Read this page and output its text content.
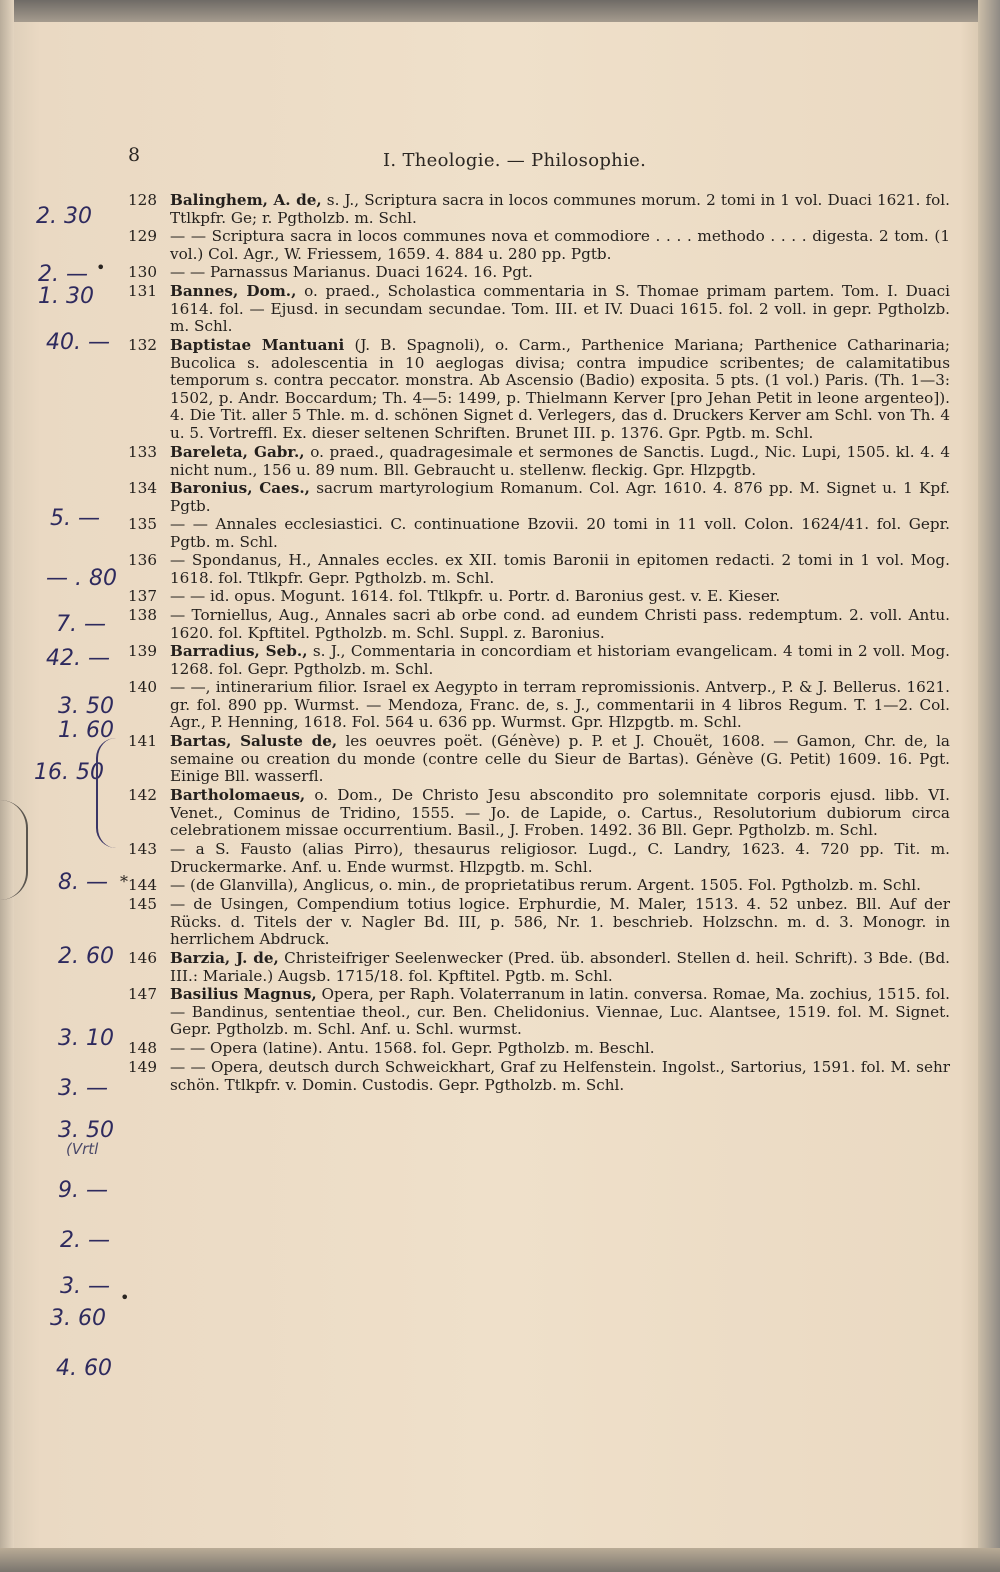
8	I. Theologie. — Philosophie.
128 Balinghem, A. de, s. J., Scriptura sacra in locos communes morum. 2 tomi in 1 vol. Duaci 1621. fol. Ttlkpfr. Ge; r. Pgtholzb. m. Schl.
129 — — Scriptura sacra in locos communes nova et commodiore . . . . methodo . . . . digesta. 2 tom. (1 vol.) Col. Agr., W. Friessem, 1659. 4. 884 u. 280 pp. Pgtb.
130 — — Parnassus Marianus. Duaci 1624. 16. Pgt.
131 Bannes, Dom., o. praed., Scholastica commentaria in S. Thomae primam partem. Tom. I. Duaci 1614. fol. — Ejusd. in secundam secundae. Tom. III. et IV. Duaci 1615. fol. 2 voll. in gepr. Pgtholzb. m. Schl.
132 Baptistae Mantuani (J. B. Spagnoli), o. Carm., Parthenice Mariana; Parthenice Catharinaria; Bucolica s. adolescentia in 10 aeglogas divisa; contra impudice scribentes; de calamitatibus temporum s. contra peccator. monstra. Ab Ascensio (Badio) exposita. 5 pts. (1 vol.) Paris. (Th. 1—3: 1502, p. Andr. Boccardum; Th. 4—5: 1499, p. Thielmann Kerver [pro Jehan Petit in leone argenteo]). 4. Die Tit. aller 5 Thle. m. d. schönen Signet d. Verlegers, das d. Druckers Kerver am Schl. von Th. 4 u. 5. Vortreffl. Ex. dieser seltenen Schriften. Brunet III. p. 1376. Gpr. Pgtb. m. Schl.
133 Bareleta, Gabr., o. praed., quadragesimale et sermones de Sanctis. Lugd., Nic. Lupi, 1505. kl. 4. 4 nicht num., 156 u. 89 num. Bll. Gebraucht u. stellenw. fleckig. Gpr. Hlzpgtb.
134 Baronius, Caes., sacrum martyrologium Romanum. Col. Agr. 1610. 4. 876 pp. M. Signet u. 1 Kpf. Pgtb.
135 — — Annales ecclesiastici. C. continuatione Bzovii. 20 tomi in 11 voll. Colon. 1624/41. fol. Gepr. Pgtb. m. Schl.
136 — Spondanus, H., Annales eccles. ex XII. tomis Baronii in epitomen redacti. 2 tomi in 1 vol. Mog. 1618. fol. Ttlkpfr. Gepr. Pgtholzb. m. Schl.
137 — — id. opus. Mogunt. 1614. fol. Ttlkpfr. u. Portr. d. Baronius gest. v. E. Kieser.
138 — Torniellus, Aug., Annales sacri ab orbe cond. ad eundem Christi pass. redemptum. 2. voll. Antu. 1620. fol. Kpftitel. Pgtholzb. m. Schl. Suppl. z. Baronius.
139 Barradius, Seb., s. J., Commentaria in concordiam et historiam evangelicam. 4 tomi in 2 voll. Mog. 1268. fol. Gepr. Pgtholzb. m. Schl.
140 — —, intinerarium filior. Israel ex Aegypto in terram repromissionis. Antverp., P. & J. Bellerus. 1621. gr. fol. 890 pp. Wurmst. — Mendoza, Franc. de, s. J., commentarii in 4 libros Regum. T. 1—2. Col. Agr., P. Henning, 1618. Fol. 564 u. 636 pp. Wurmst. Gpr. Hlzpgtb. m. Schl.
141 Bartas, Saluste de, les oeuvres poët. (Génève) p. P. et J. Chouët, 1608. — Gamon, Chr. de, la semaine ou creation du monde (contre celle du Sieur de Bartas). Génève (G. Petit) 1609. 16. Pgt. Einige Bll. wasserfl.
142 Bartholomaeus, o. Dom., De Christo Jesu abscondito pro solemnitate corporis ejusd. libb. VI. Venet., Cominus de Tridino, 1555. — Jo. de Lapide, o. Cartus., Resolutorium dubiorum circa celebrationem missae occurrentium. Basil., J. Froben. 1492. 36 Bll. Gepr. Pgtholzb. m. Schl.
143 — a S. Fausto (alias Pirro), thesaurus religiosor. Lugd., C. Landry, 1623. 4. 720 pp. Tit. m. Druckermarke. Anf. u. Ende wurmst. Hlzpgtb. m. Schl.
144 — (de Glanvilla), Anglicus, o. min., de proprietatibus rerum. Argent. 1505. Fol. Pgtholzb. m. Schl.
145 — de Usingen, Compendium totius logice. Erphurdie, M. Maler, 1513. 4. 52 unbez. Bll. Auf der Rücks. d. Titels der v. Nagler Bd. III, p. 586, Nr. 1. beschrieb. Holzschn. m. d. 3. Monogr. in herrlichem Abdruck.
146 Barzia, J. de, Christeifriger Seelenwecker (Pred. üb. absonderl. Stellen d. heil. Schrift). 3 Bde. (Bd. III.: Mariale.) Augsb. 1715/18. fol. Kpftitel. Pgtb. m. Schl.
147 Basilius Magnus, Opera, per Raph. Volaterranum in latin. conversa. Romae, Ma. zochius, 1515. fol. — Bandinus, sententiae theol., cur. Ben. Chelidonius. Viennae, Luc. Alantsee, 1519. fol. M. Signet. Gepr. Pgtholzb. m. Schl. Anf. u. Schl. wurmst.
148 — — Opera (latine). Antu. 1568. fol. Gepr. Pgtholzb. m. Beschl.
149 — — Opera, deutsch durch Schweickhart, Graf zu Helfenstein. Ingolst., Sartorius, 1591. fol. M. sehr schön. Ttlkpfr. v. Domin. Custodis. Gepr. Pgtholzb. m. Schl.
2. 30
2. —
1. 30
40. —
5. —
— . 80
7. —
42. —
3. 50
1. 60
16. 50
8. —
2. 60
3. 10
3. —
3. 50
9. —
2. —
3. —
3. 60
4. 60
•
*
•
(Vrtl
